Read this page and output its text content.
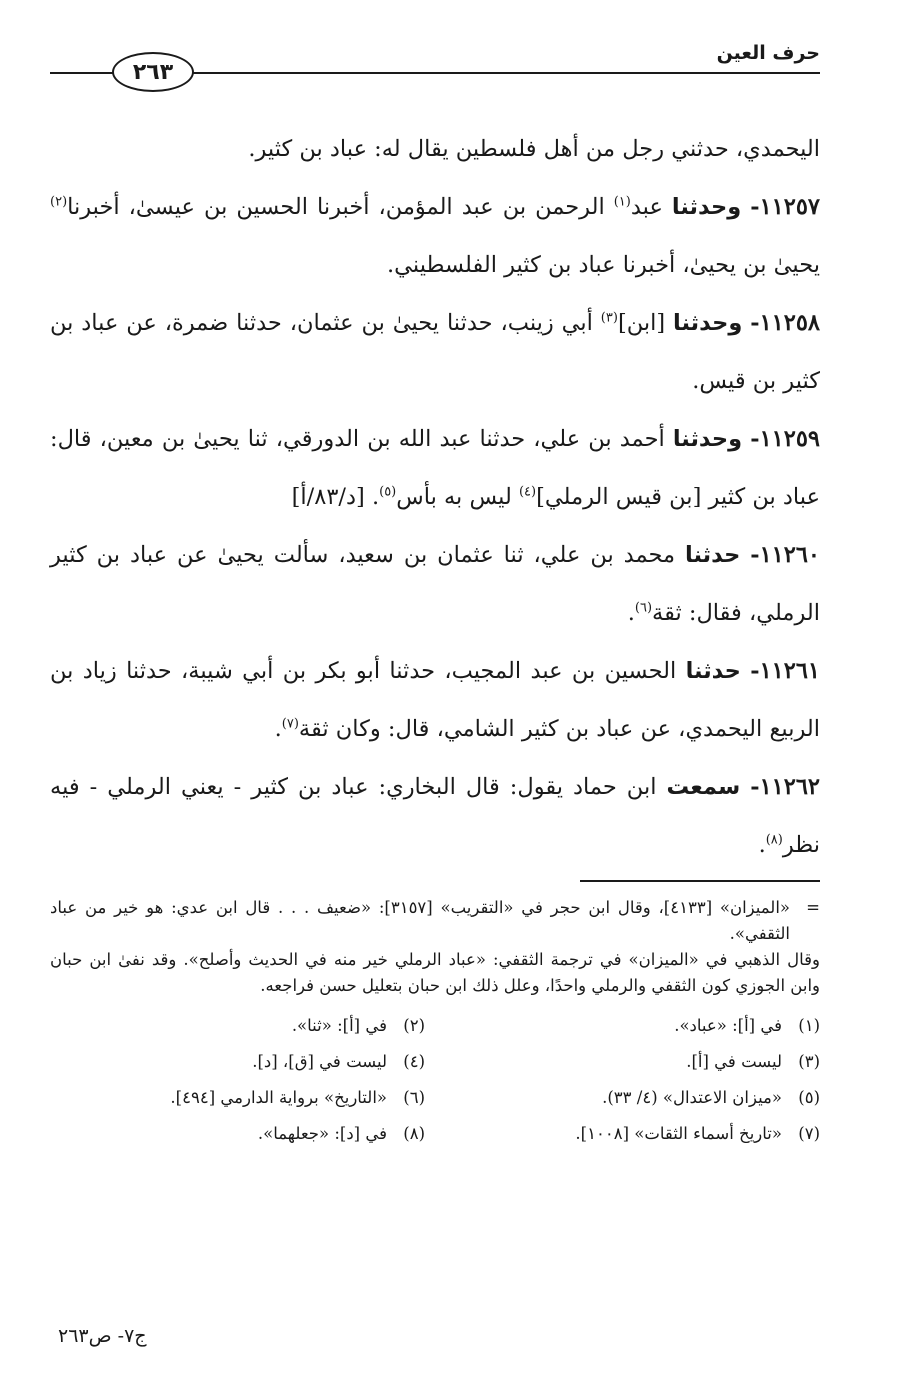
حرف العين
٢٦٣

اليحمدي، حدثني رجل من أهل فلسطين يقال له: عباد بن كثير.

١١٢٥٧- وحدثنا عبد$^{(١)}$ الرحمن بن عبد المؤمن، أخبرنا الحسين بن عيسىٰ، أخبرنا$^{(٢)}$ يحيىٰ بن يحيىٰ، أخبرنا عباد بن كثير الفلسطيني.

١١٢٥٨- وحدثنا [ابن]$^{(٣)}$ أبي زينب، حدثنا يحيىٰ بن عثمان، حدثنا ضمرة، عن عباد بن كثير بن قيس.

١١٢٥٩- وحدثنا أحمد بن علي، حدثنا عبد الله بن الدورقي، ثنا يحيىٰ بن معين، قال: عباد بن كثير [بن قيس الرملي]$^{(٤)}$ ليس به بأس$^{(٥)}$. [د/٨٣/أ]

١١٢٦٠- حدثنا محمد بن علي، ثنا عثمان بن سعيد، سألت يحيىٰ عن عباد بن كثير الرملي، فقال: ثقة$^{(٦)}$.

١١٢٦١- حدثنا الحسين بن عبد المجيب، حدثنا أبو بكر بن أبي شيبة، حدثنا زياد بن الربيع اليحمدي، عن عباد بن كثير الشامي، قال: وكان ثقة$^{(٧)}$.

١١٢٦٢- سمعت ابن حماد يقول: قال البخاري: عباد بن كثير - يعني الرملي - فيه نظر$^{(٨)}$.

=
«الميزان» [٤١٣٣]، وقال ابن حجر في «التقريب» [٣١٥٧]: «ضعيف . . . قال ابن عدي: هو خير من عباد الثقفي».

وقال الذهبي في «الميزان» في ترجمة الثقفي: «عباد الرملي خير منه في الحديث وأصلح». وقد نفىٰ ابن حبان وابن الجوزي كون الثقفي والرملي واحدًا، وعلل ذلك ابن حبان بتعليل حسن فراجعه.

(١)
في [أ]: «عباد».
(٢)
في [أ]: «ثنا».
(٣)
ليست في [أ].
(٤)
ليست في [ق]، [د].
(٥)
«ميزان الاعتدال» (٤/ ٣٣).
(٦)
«التاريخ» برواية الدارمي [٤٩٤].
(٧)
«تاريخ أسماء الثقات» [١٠٠٨].
(٨)
في [د]: «جعلهما».
ج٧- ص٢٦٣
